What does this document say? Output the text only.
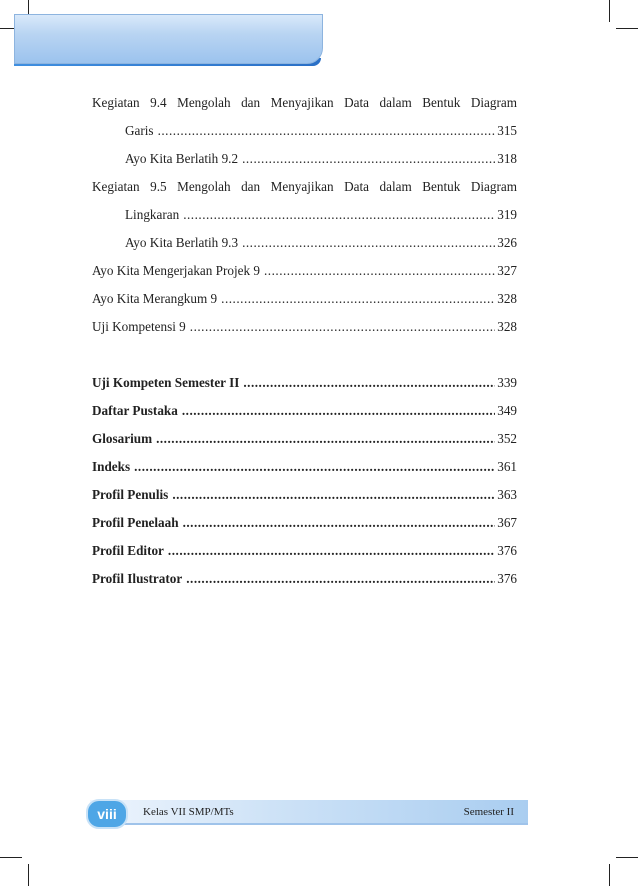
Kegiatan 9.4 Mengolah dan Menyajikan Data dalam Bentuk Diagram
Garis .....	315
Ayo Kita Berlatih 9.2 .....	318
Kegiatan 9.5 Mengolah dan Menyajikan Data dalam Bentuk Diagram
Lingkaran .....	319
Ayo Kita Berlatih 9.3 .....	326
Ayo Kita Mengerjakan Projek 9 .....	327
Ayo Kita Merangkum 9 .....	328
Uji Kompetensi 9 .....	328
Uji Kompeten Semester II .....	339
Daftar Pustaka .....	349
Glosarium .....	352
Indeks .....	361
Profil Penulis .....	363
Profil Penelaah .....	367
Profil Editor .....	376
Profil Ilustrator .....	376
viii	Kelas VII SMP/MTs	Semester II
